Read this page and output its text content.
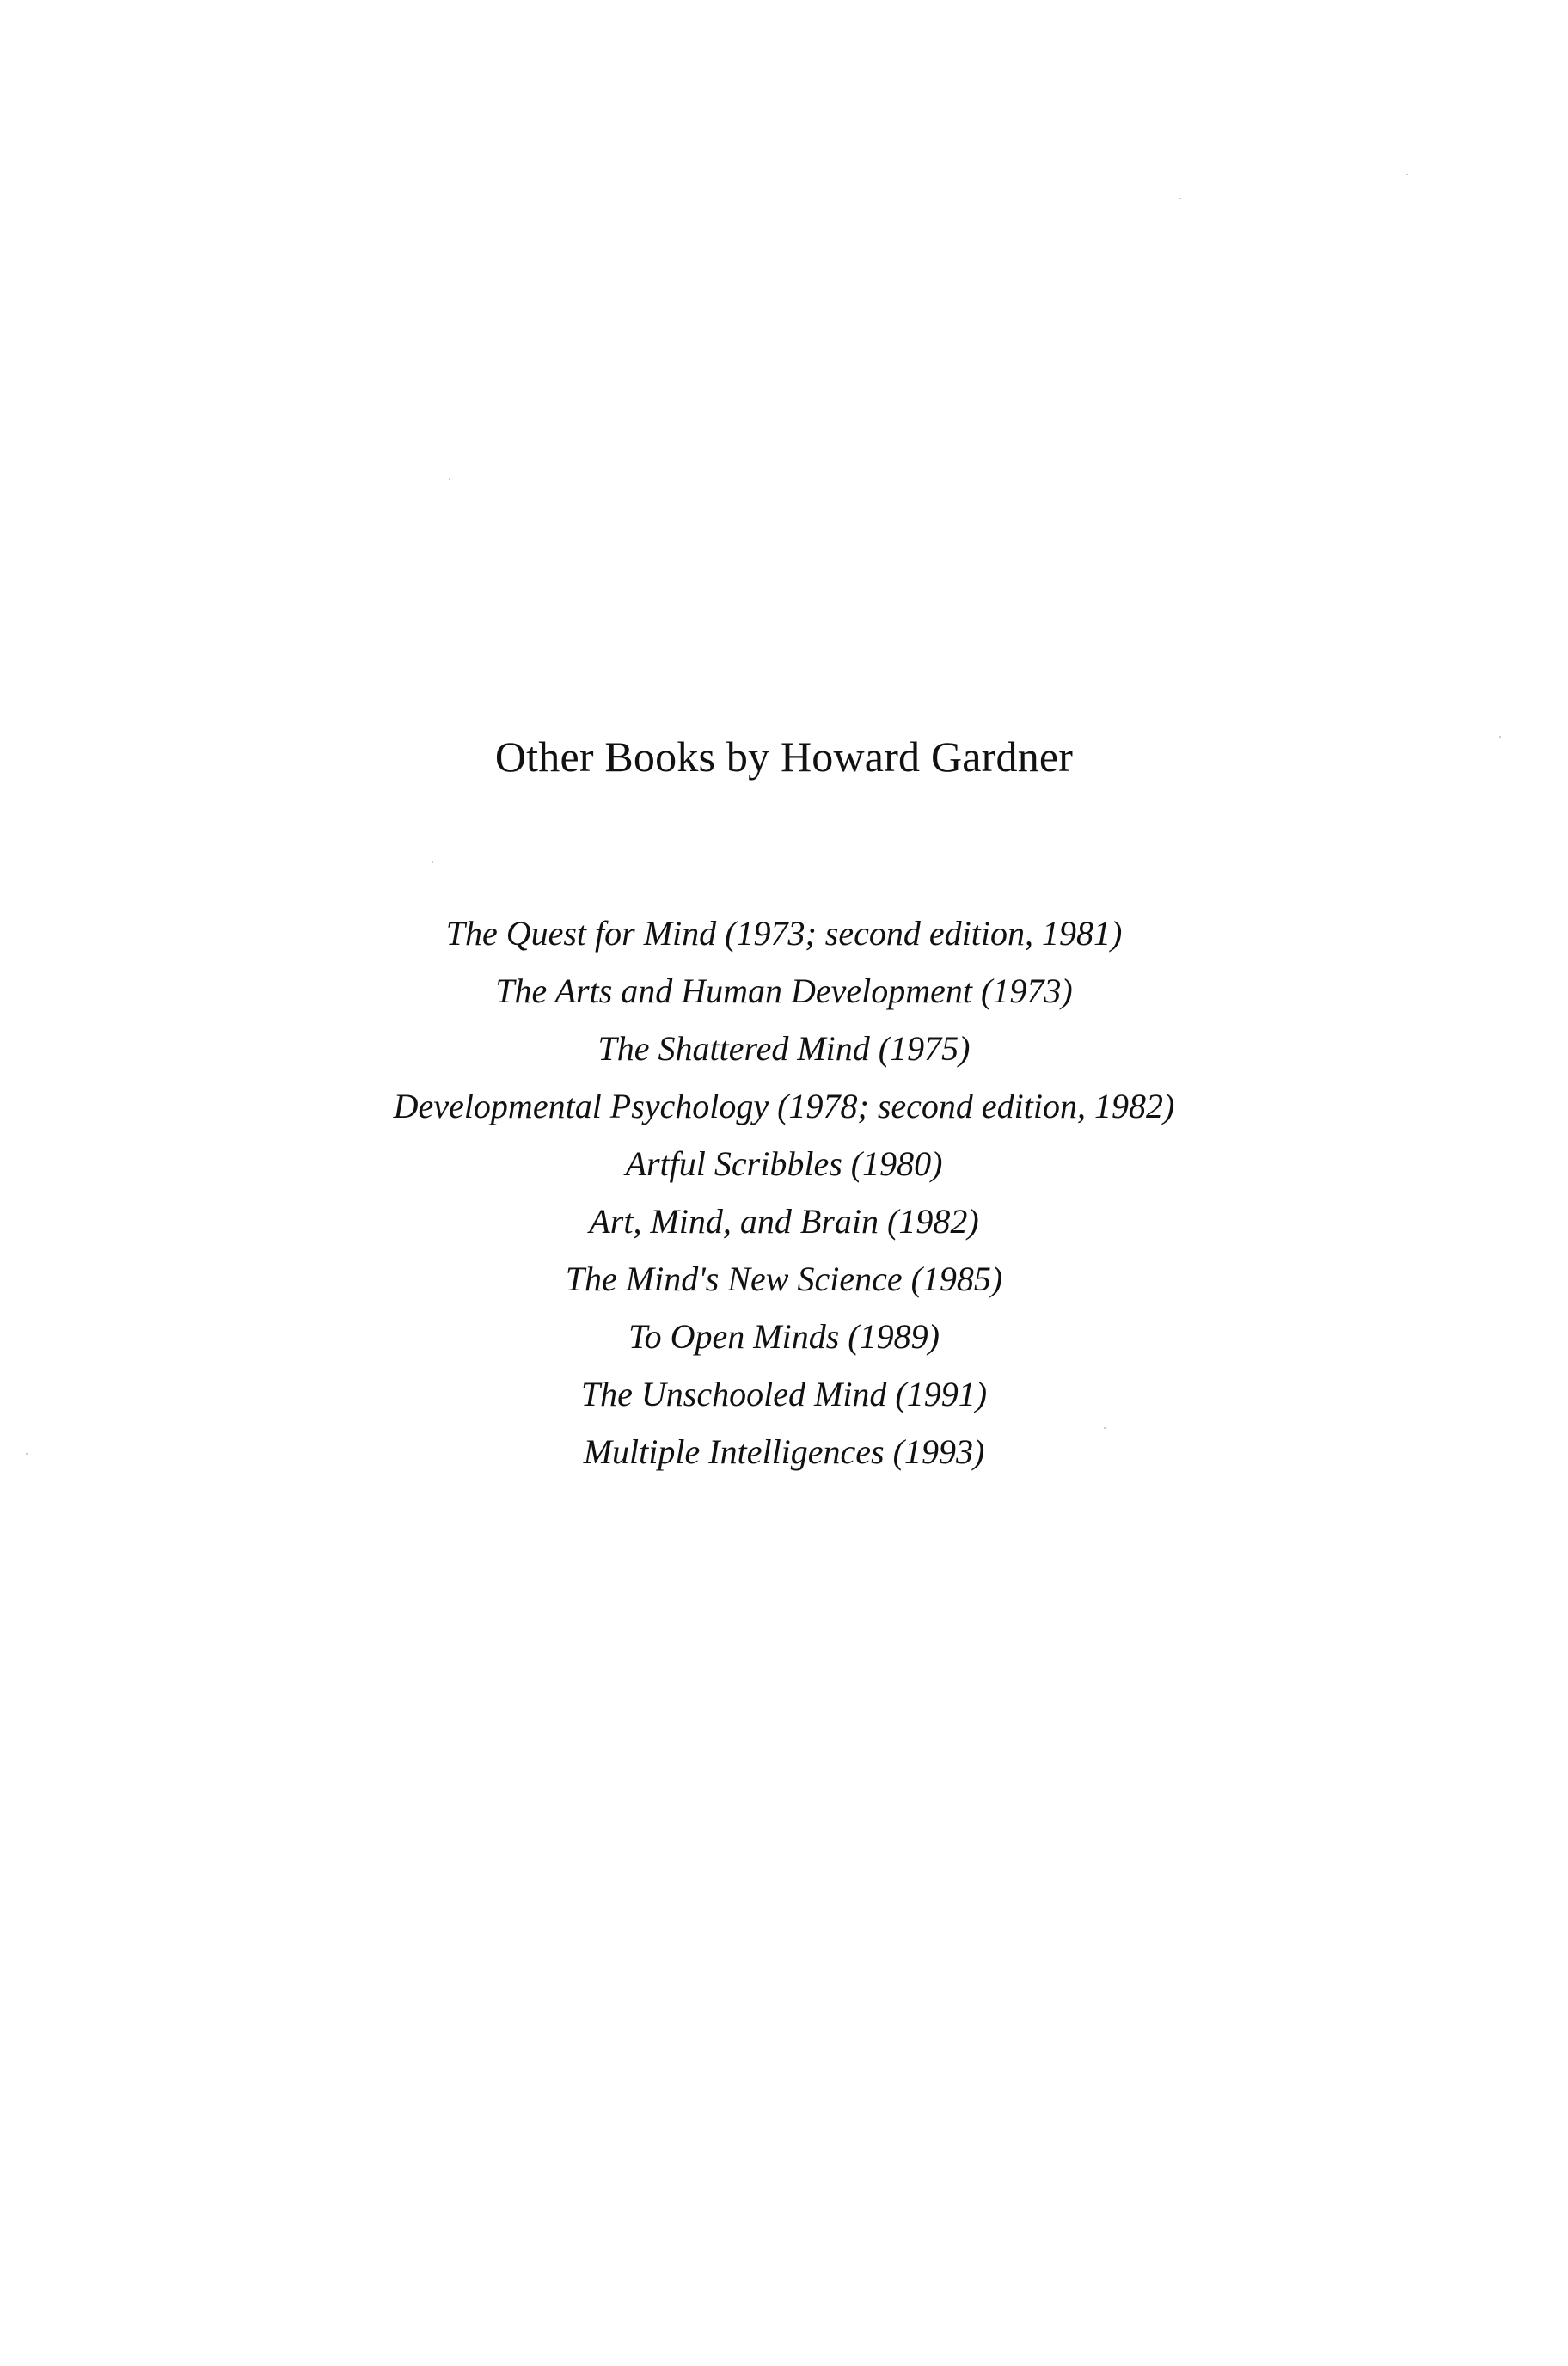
Other Books by Howard Gardner
The Quest for Mind (1973; second edition, 1981)
The Arts and Human Development (1973)
The Shattered Mind (1975)
Developmental Psychology (1978; second edition, 1982)
Artful Scribbles (1980)
Art, Mind, and Brain (1982)
The Mind's New Science (1985)
To Open Minds (1989)
The Unschooled Mind (1991)
Multiple Intelligences (1993)
